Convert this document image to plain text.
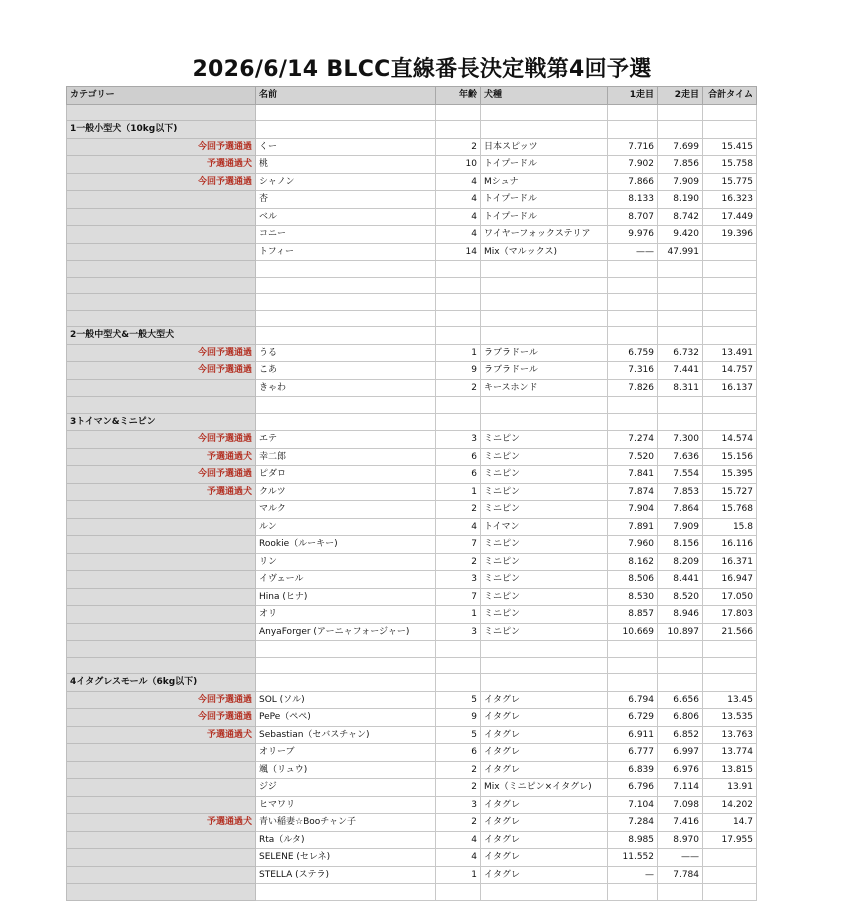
2026/6/14 BLCC直線番長決定戦第4回予選
カテゴリー	名前	年齢	犬種	1走目	2走目	合計タイム

1一般小型犬（10kg以下)						
今回予選通過	くー	2	日本スピッツ	7.716	7.699	15.415
予選通過犬	桃	10	トイプードル	7.902	7.856	15.758
今回予選通過	シャノン	4	Mシュナ	7.866	7.909	15.775
	杏	4	トイプードル	8.133	8.190	16.323
	ベル	4	トイプードル	8.707	8.742	17.449
	コニー	4	ワイヤーフォックステリア	9.976	9.420	19.396
	トフィー	14	Mix（マルックス)	——	47.991	

2一般中型犬&一般大型犬						
今回予選通過	うる	1	ラブラドール	6.759	6.732	13.491
今回予選通過	こあ	9	ラブラドール	7.316	7.441	14.757
	きゃわ	2	キースホンド	7.826	8.311	16.137

3トイマン&ミニピン						
今回予選通過	エテ	3	ミニピン	7.274	7.300	14.574
予選通過犬	幸二郎	6	ミニピン	7.520	7.636	15.156
今回予選通過	ピダロ	6	ミニピン	7.841	7.554	15.395
予選通過犬	クルツ	1	ミニピン	7.874	7.853	15.727
	マルク	2	ミニピン	7.904	7.864	15.768
	ルン	4	トイマン	7.891	7.909	15.8
	Rookie（ルーキー)	7	ミニピン	7.960	8.156	16.116
	リン	2	ミニピン	8.162	8.209	16.371
	イヴェール	3	ミニピン	8.506	8.441	16.947
	Hina (ヒナ)	7	ミニピン	8.530	8.520	17.050
	オリ	1	ミニピン	8.857	8.946	17.803
	AnyaForger (アーニャフォージャー)	3	ミニピン	10.669	10.897	21.566

4イタグレスモール（6kg以下)						
今回予選通過	SOL (ソル)	5	イタグレ	6.794	6.656	13.45
今回予選通過	PePe（ペペ)	9	イタグレ	6.729	6.806	13.535
予選通過犬	Sebastian（セバスチャン)	5	イタグレ	6.911	6.852	13.763
	オリーブ	6	イタグレ	6.777	6.997	13.774
	颯（リュウ)	2	イタグレ	6.839	6.976	13.815
	ジジ	2	Mix（ミニピン×イタグレ)	6.796	7.114	13.91
	ヒマワリ	3	イタグレ	7.104	7.098	14.202
予選通過犬	青い稲妻☆Booチャン子	2	イタグレ	7.284	7.416	14.7
	Rta（ルタ)	4	イタグレ	8.985	8.970	17.955
	SELENE (セレネ)	4	イタグレ	11.552	——	
	STELLA (ステラ)	1	イタグレ	—	7.784	
